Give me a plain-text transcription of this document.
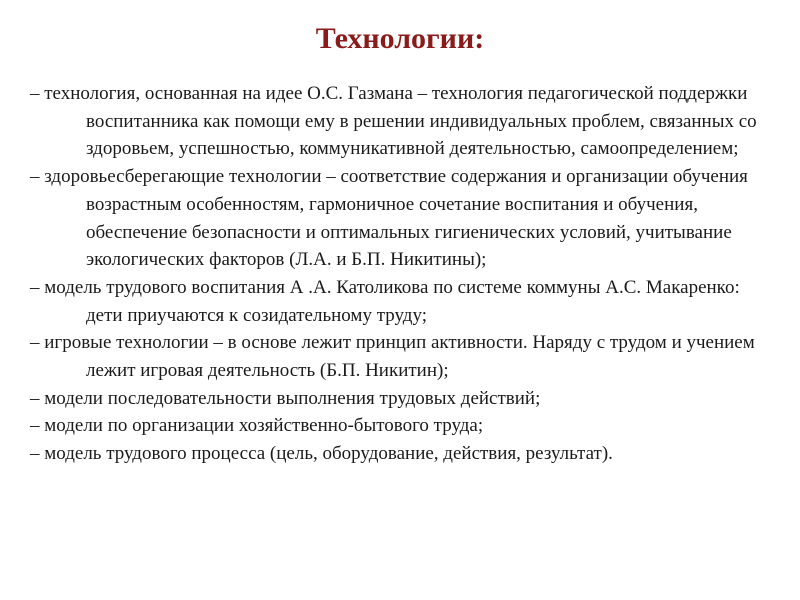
Технологии:
– технология, основанная на идее О.С. Газмана – технология педагогической поддержки воспитанника как помощи ему в решении индивидуальных проблем, связанных со здоровьем, успешностью, коммуникативной деятельностью, самоопределением;
– здоровьесберегающие технологии – соответствие содержания и организации обучения возрастным особенностям, гармоничное сочетание воспитания и обучения, обеспечение безопасности и оптимальных гигиенических условий, учитывание экологических факторов (Л.А. и Б.П. Никитины);
– модель трудового воспитания А .А. Католикова по системе коммуны А.С. Макаренко: дети приучаются к созидательному труду;
– игровые технологии – в основе лежит принцип активности. Наряду с трудом и учением лежит игровая деятельность (Б.П. Никитин);
– модели последовательности выполнения трудовых действий;
– модели по организации хозяйственно-бытового труда;
– модель трудового процесса (цель, оборудование, действия, результат).
